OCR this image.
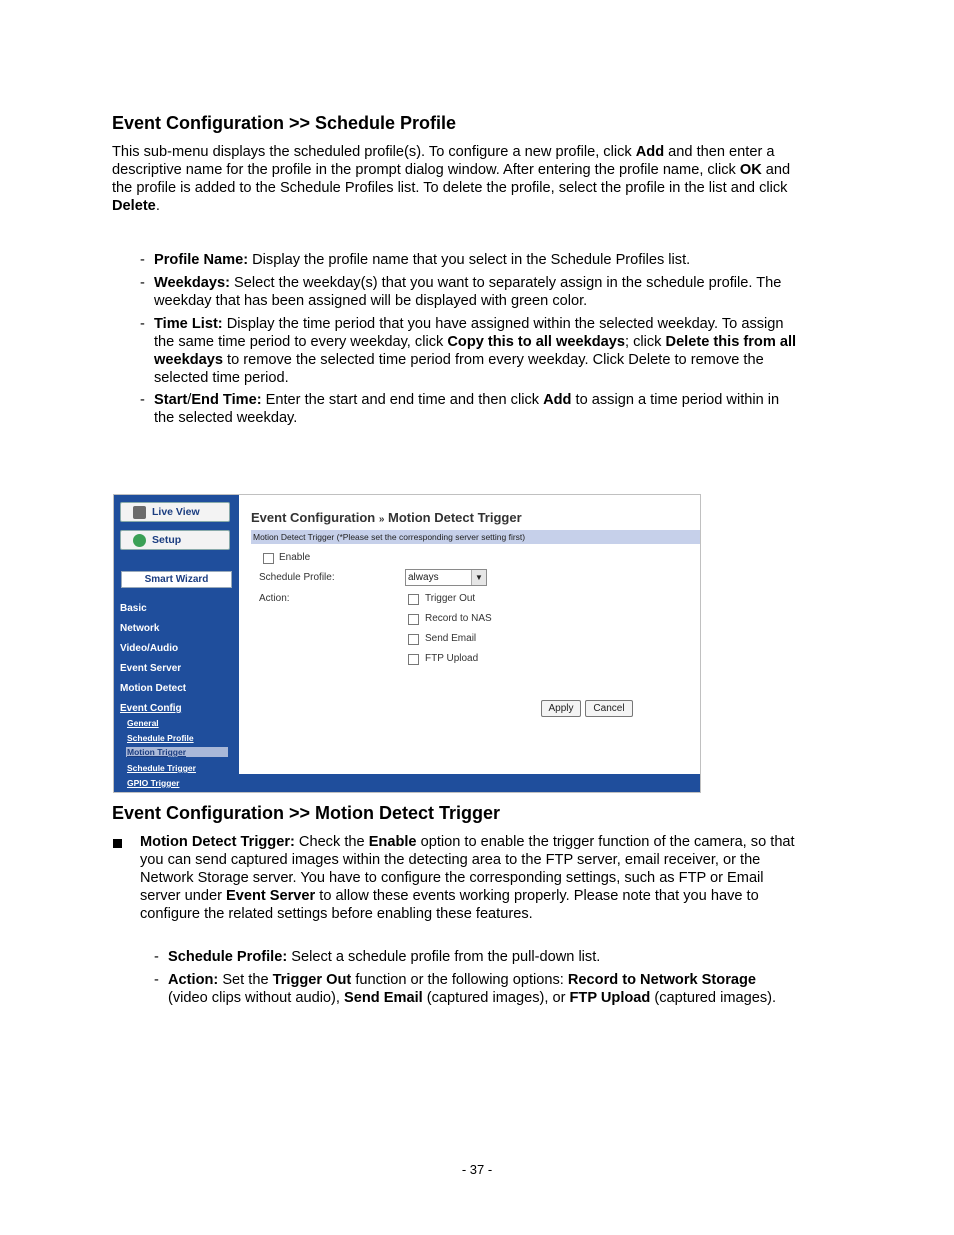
Event Configuration >> Schedule Profile

This sub-menu displays the scheduled profile(s). To configure a new profile, click Add and then enter a
descriptive name for the profile in the prompt dialog window. After entering the profile name, click OK and
the profile is added to the Schedule Profiles list. To delete the profile, select the profile in the list and click
Delete.

- Profile Name: Display the profile name that you select in the Schedule Profiles list.
- Weekdays: Select the weekday(s) that you want to separately assign in the schedule profile. The
weekday that has been assigned will be displayed with green color.
- Time List: Display the time period that you have assigned within the selected weekday. To assign
the same time period to every weekday, click Copy this to all weekdays; click Delete this from all
weekdays to remove the selected time period from every weekday. Click Delete to remove the
selected time period.
- Start/End Time: Enter the start and end time and then click Add to assign a time period within in
the selected weekday.
Live View
Setup
Smart Wizard
Basic
Network
Video/Audio
Event Server
Motion Detect
Event Config
General
Schedule Profile
Motion Trigger
Schedule Trigger
GPIO Trigger
Event Configuration » Motion Detect Trigger
Motion Detect Trigger (*Please set the corresponding server setting first)
Enable
Schedule Profile:	always	▼
Action:	Trigger Out
Record to NAS
Send Email
FTP Upload
Apply	Cancel
Event Configuration >> Motion Detect Trigger

Motion Detect Trigger: Check the Enable option to enable the trigger function of the camera, so that
you can send captured images within the detecting area to the FTP server, email receiver, or the
Network Storage server. You have to configure the corresponding settings, such as FTP or Email
server under Event Server to allow these events working properly. Please note that you have to
configure the related settings before enabling these features.

- Schedule Profile: Select a schedule profile from the pull-down list.
- Action: Set the Trigger Out function or the following options: Record to Network Storage
(video clips without audio), Send Email (captured images), or FTP Upload (captured images).
- 37 -
